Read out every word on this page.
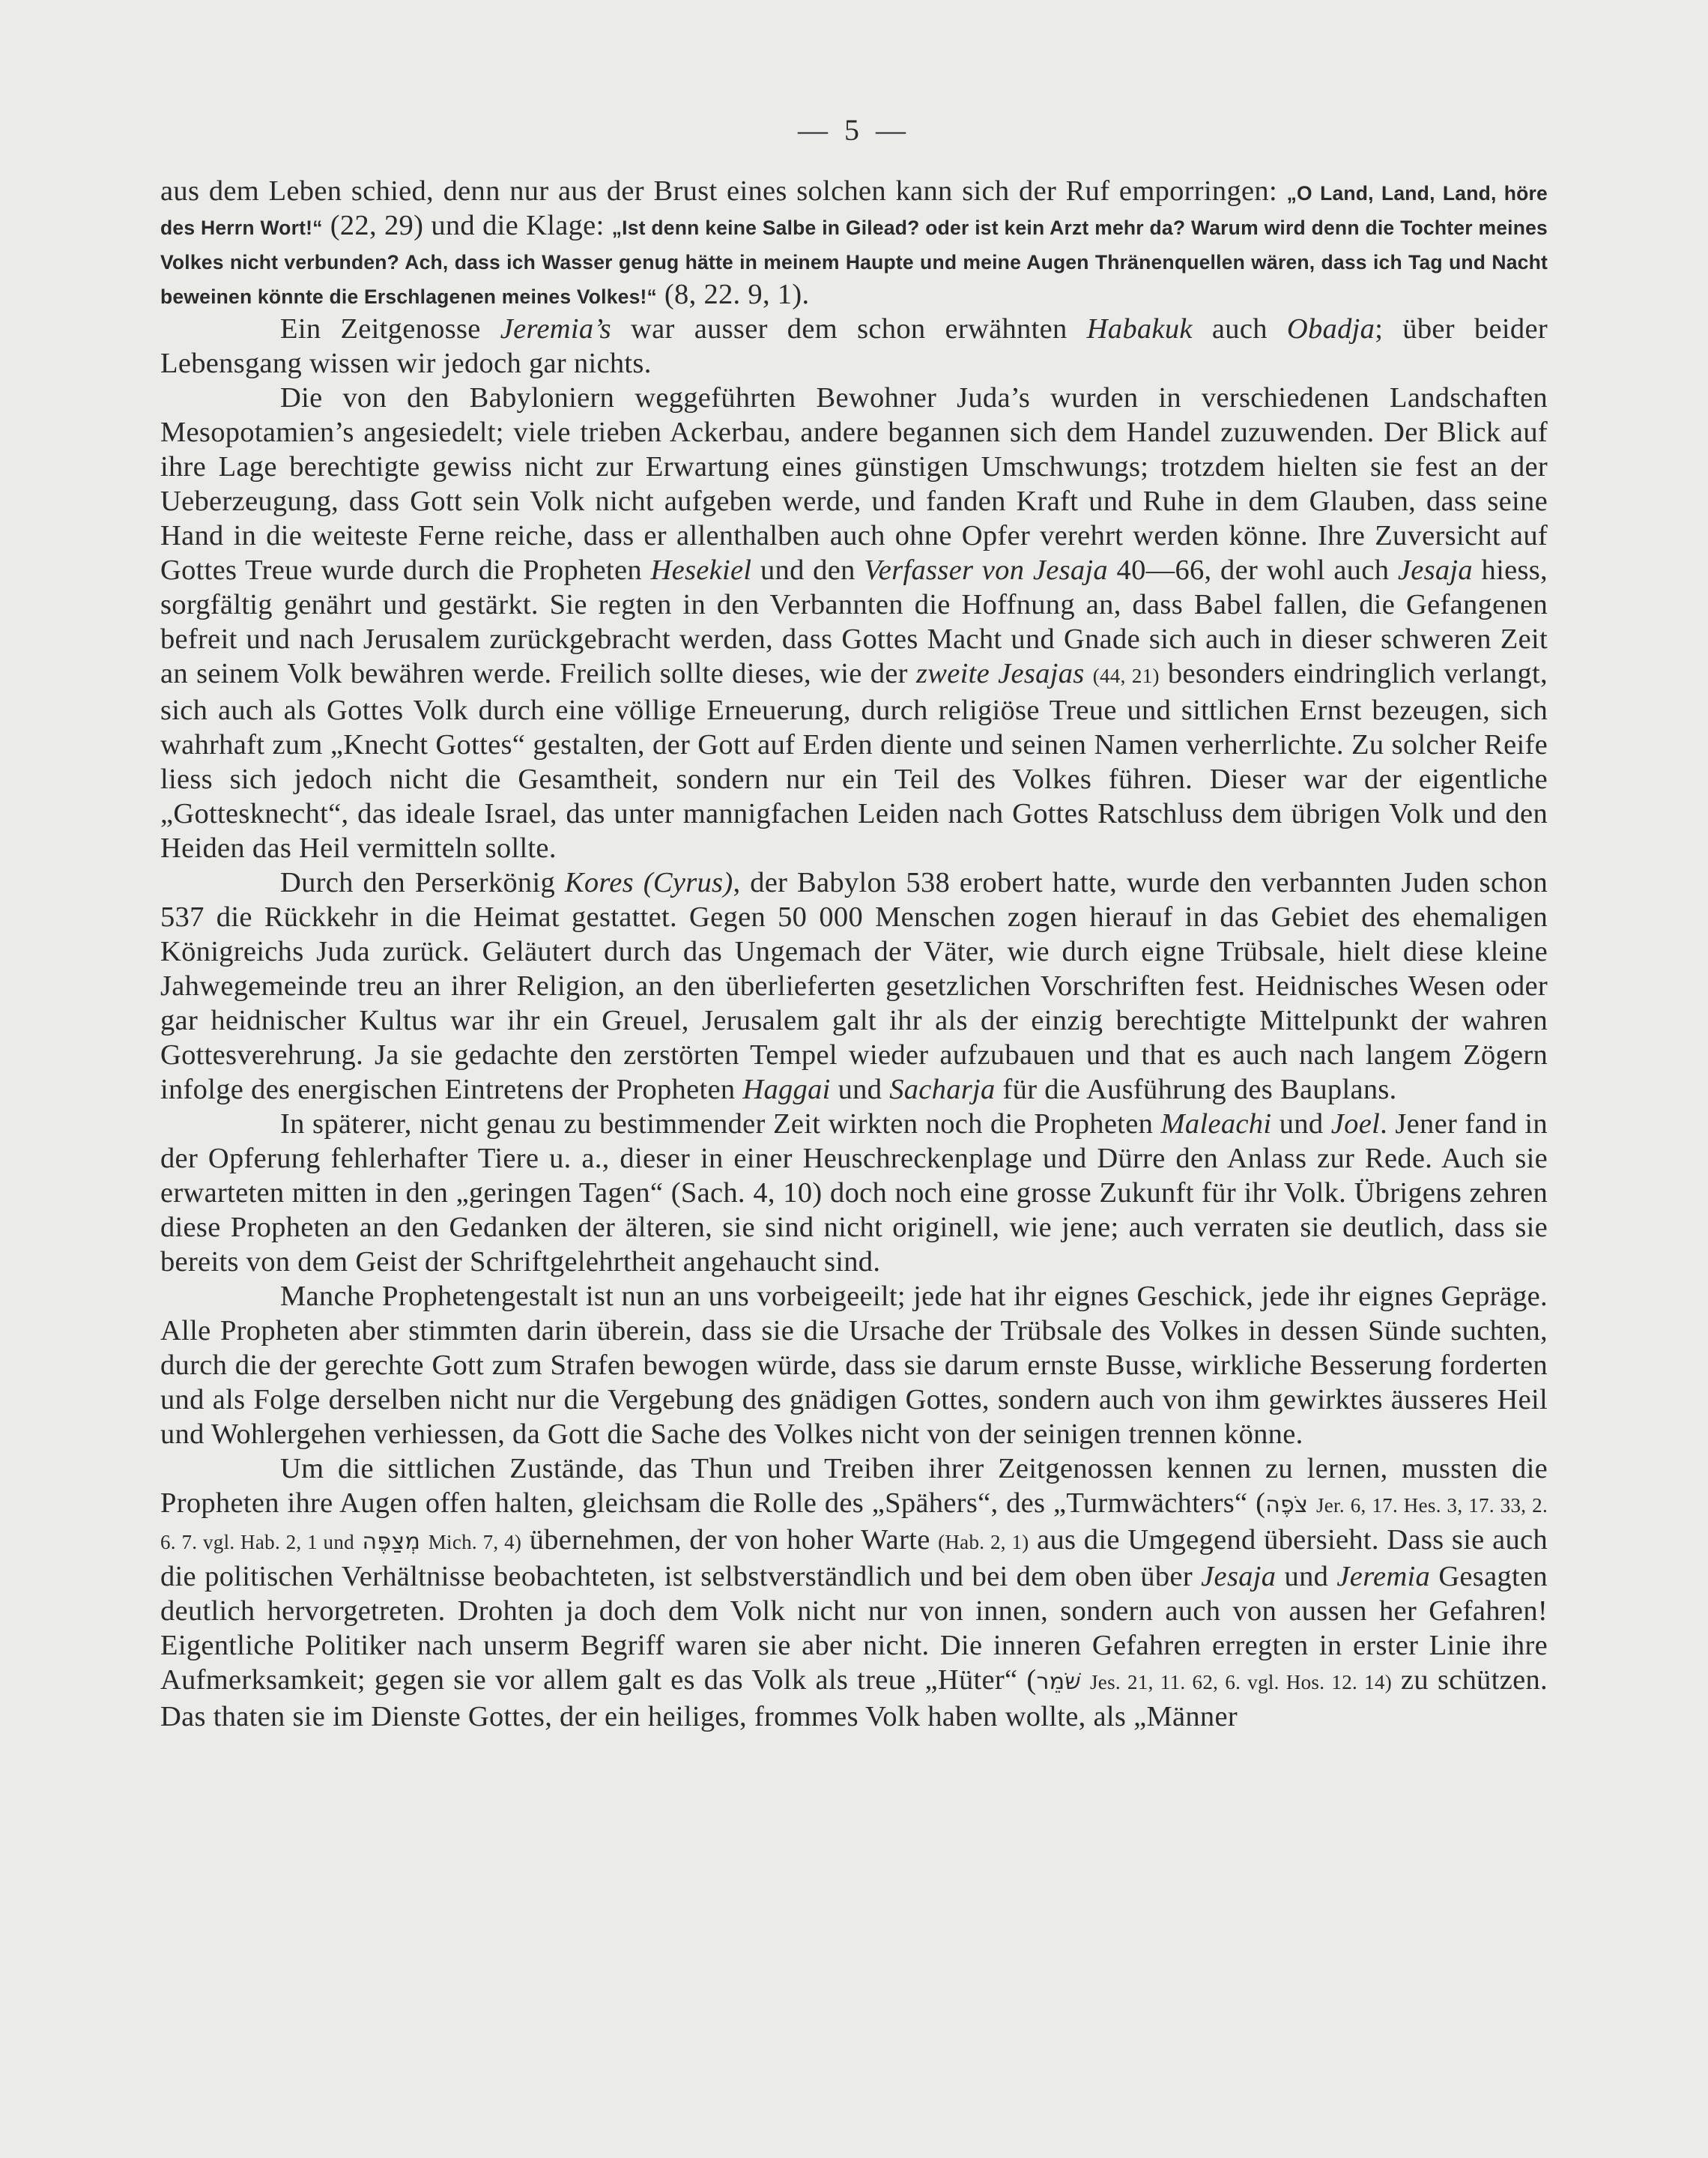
— 5 —

aus dem Leben schied, denn nur aus der Brust eines solchen kann sich der Ruf emporringen: „O Land, Land, Land, höre des Herrn Wort!“ (22, 29) und die Klage: „Ist denn keine Salbe in Gilead? oder ist kein Arzt mehr da? Warum wird denn die Tochter meines Volkes nicht verbunden? Ach, dass ich Wasser genug hätte in meinem Haupte und meine Augen Thränenquellen wären, dass ich Tag und Nacht beweinen könnte die Erschlagenen meines Volkes!“ (8, 22. 9, 1).

Ein Zeitgenosse Jeremia’s war ausser dem schon erwähnten Habakuk auch Obadja; über beider Lebensgang wissen wir jedoch gar nichts.

Die von den Babyloniern weggeführten Bewohner Juda’s wurden in verschiedenen Landschaften Mesopotamien’s angesiedelt; viele trieben Ackerbau, andere begannen sich dem Handel zuzuwenden. Der Blick auf ihre Lage berechtigte gewiss nicht zur Erwartung eines günstigen Umschwungs; trotzdem hielten sie fest an der Ueberzeugung, dass Gott sein Volk nicht aufgeben werde, und fanden Kraft und Ruhe in dem Glauben, dass seine Hand in die weiteste Ferne reiche, dass er allenthalben auch ohne Opfer verehrt werden könne. Ihre Zuversicht auf Gottes Treue wurde durch die Propheten Hesekiel und den Verfasser von Jesaja 40—66, der wohl auch Jesaja hiess, sorgfältig genährt und gestärkt. Sie regten in den Verbannten die Hoffnung an, dass Babel fallen, die Gefangenen befreit und nach Jerusalem zurückgebracht werden, dass Gottes Macht und Gnade sich auch in dieser schweren Zeit an seinem Volk bewähren werde. Freilich sollte dieses, wie der zweite Jesajas (44, 21) besonders eindringlich verlangt, sich auch als Gottes Volk durch eine völlige Erneuerung, durch religiöse Treue und sittlichen Ernst bezeugen, sich wahrhaft zum „Knecht Gottes“ gestalten, der Gott auf Erden diente und seinen Namen verherrlichte. Zu solcher Reife liess sich jedoch nicht die Gesamtheit, sondern nur ein Teil des Volkes führen. Dieser war der eigentliche „Gottesknecht“, das ideale Israel, das unter mannigfachen Leiden nach Gottes Ratschluss dem übrigen Volk und den Heiden das Heil vermitteln sollte.

Durch den Perserkönig Kores (Cyrus), der Babylon 538 erobert hatte, wurde den verbannten Juden schon 537 die Rückkehr in die Heimat gestattet. Gegen 50 000 Menschen zogen hierauf in das Gebiet des ehemaligen Königreichs Juda zurück. Geläutert durch das Ungemach der Väter, wie durch eigne Trübsale, hielt diese kleine Jahwegemeinde treu an ihrer Religion, an den überlieferten gesetzlichen Vorschriften fest. Heidnisches Wesen oder gar heidnischer Kultus war ihr ein Greuel, Jerusalem galt ihr als der einzig berechtigte Mittelpunkt der wahren Gottesverehrung. Ja sie gedachte den zerstörten Tempel wieder aufzubauen und that es auch nach langem Zögern infolge des energischen Eintretens der Propheten Haggai und Sacharja für die Ausführung des Bauplans.

In späterer, nicht genau zu bestimmender Zeit wirkten noch die Propheten Maleachi und Joel. Jener fand in der Opferung fehlerhafter Tiere u. a., dieser in einer Heuschreckenplage und Dürre den Anlass zur Rede. Auch sie erwarteten mitten in den „geringen Tagen“ (Sach. 4, 10) doch noch eine grosse Zukunft für ihr Volk. Übrigens zehren diese Propheten an den Gedanken der älteren, sie sind nicht originell, wie jene; auch verraten sie deutlich, dass sie bereits von dem Geist der Schriftgelehrtheit angehaucht sind.

Manche Prophetengestalt ist nun an uns vorbeigeeilt; jede hat ihr eignes Geschick, jede ihr eignes Gepräge. Alle Propheten aber stimmten darin überein, dass sie die Ursache der Trübsale des Volkes in dessen Sünde suchten, durch die der gerechte Gott zum Strafen bewogen würde, dass sie darum ernste Busse, wirkliche Besserung forderten und als Folge derselben nicht nur die Vergebung des gnädigen Gottes, sondern auch von ihm gewirktes äusseres Heil und Wohlergehen verhiessen, da Gott die Sache des Volkes nicht von der seinigen trennen könne.

Um die sittlichen Zustände, das Thun und Treiben ihrer Zeitgenossen kennen zu lernen, mussten die Propheten ihre Augen offen halten, gleichsam die Rolle des „Spähers“, des „Turmwächters“ (צֹפֶה Jer. 6, 17. Hes. 3, 17. 33, 2. 6. 7. vgl. Hab. 2, 1 und מְצַפֶּה Mich. 7, 4) übernehmen, der von hoher Warte (Hab. 2, 1) aus die Umgegend übersieht. Dass sie auch die politischen Verhältnisse beobachteten, ist selbstverständlich und bei dem oben über Jesaja und Jeremia Gesagten deutlich hervorgetreten. Drohten ja doch dem Volk nicht nur von innen, sondern auch von aussen her Gefahren! Eigentliche Politiker nach unserm Begriff waren sie aber nicht. Die inneren Gefahren erregten in erster Linie ihre Aufmerksamkeit; gegen sie vor allem galt es das Volk als treue „Hüter“ (שֹׁמֵר Jes. 21, 11. 62, 6. vgl. Hos. 12. 14) zu schützen. Das thaten sie im Dienste Gottes, der ein heiliges, frommes Volk haben wollte, als „Männer
